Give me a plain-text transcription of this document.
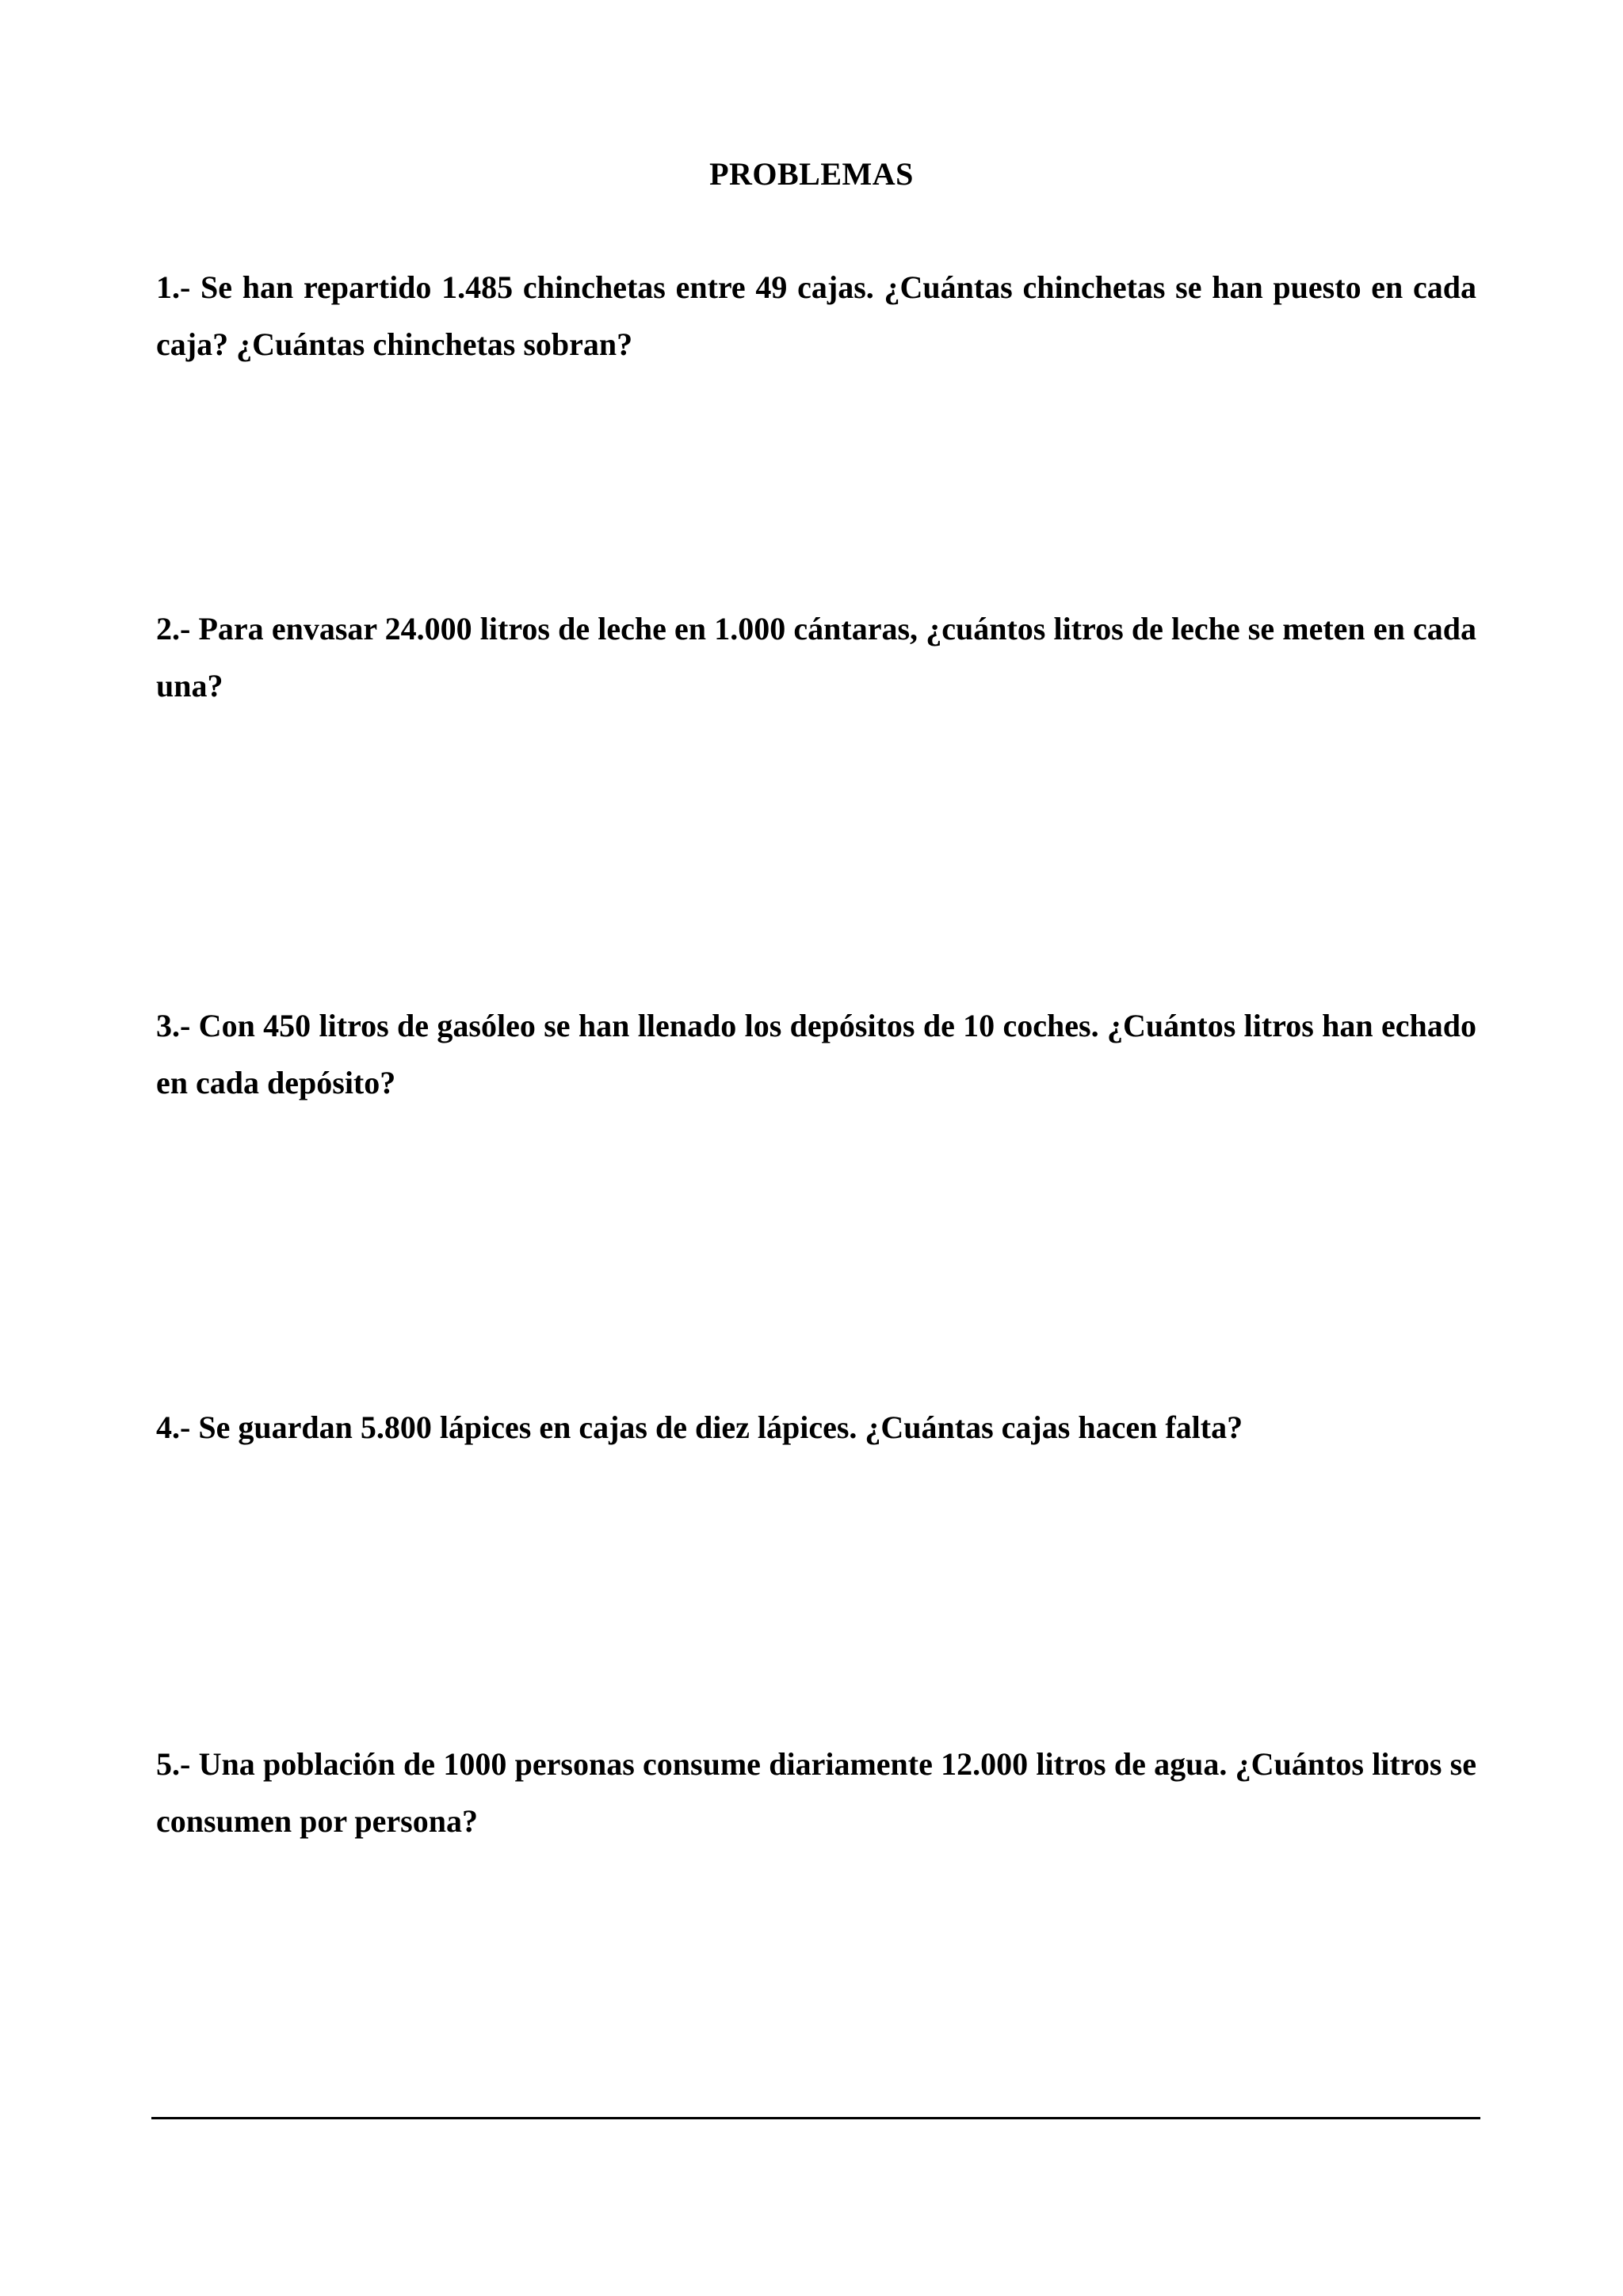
PROBLEMAS

1.- Se han repartido 1.485 chinchetas entre 49 cajas. ¿Cuántas chinchetas se han puesto en cada caja? ¿Cuántas chinchetas sobran?

2.- Para envasar 24.000 litros de leche en 1.000 cántaras, ¿cuántos litros de leche se meten en cada una?

3.- Con 450 litros de gasóleo se han llenado los depósitos de 10 coches. ¿Cuántos litros han echado en cada depósito?

4.- Se guardan 5.800 lápices en cajas de diez lápices. ¿Cuántas cajas hacen falta?

5.- Una población de 1000 personas consume diariamente 12.000 litros de agua. ¿Cuántos litros se consumen por persona?
